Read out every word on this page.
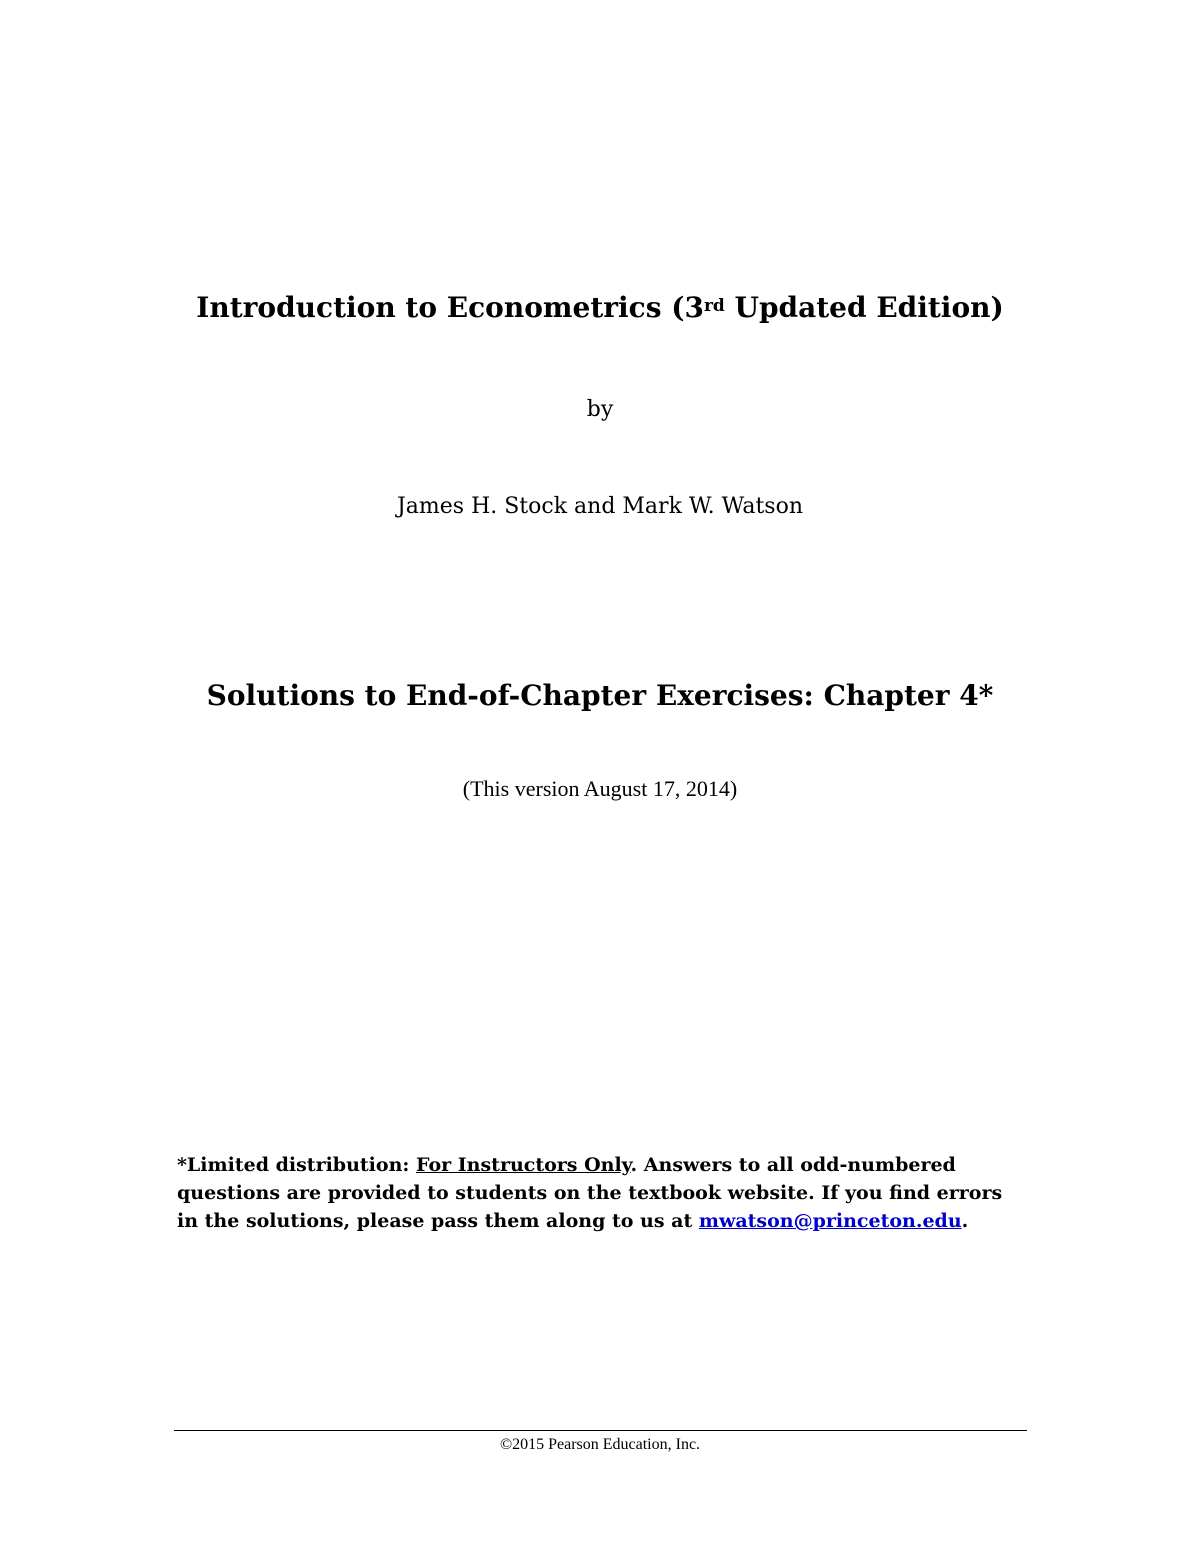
Introduction to Econometrics (3rd Updated Edition)
by
James H. Stock and Mark W. Watson
Solutions to End-of-Chapter Exercises: Chapter 4*
(This version August 17, 2014)
*Limited distribution: For Instructors Only. Answers to all odd-numbered questions are provided to students on the textbook website. If you find errors in the solutions, please pass them along to us at mwatson@princeton.edu.
©2015 Pearson Education, Inc.
